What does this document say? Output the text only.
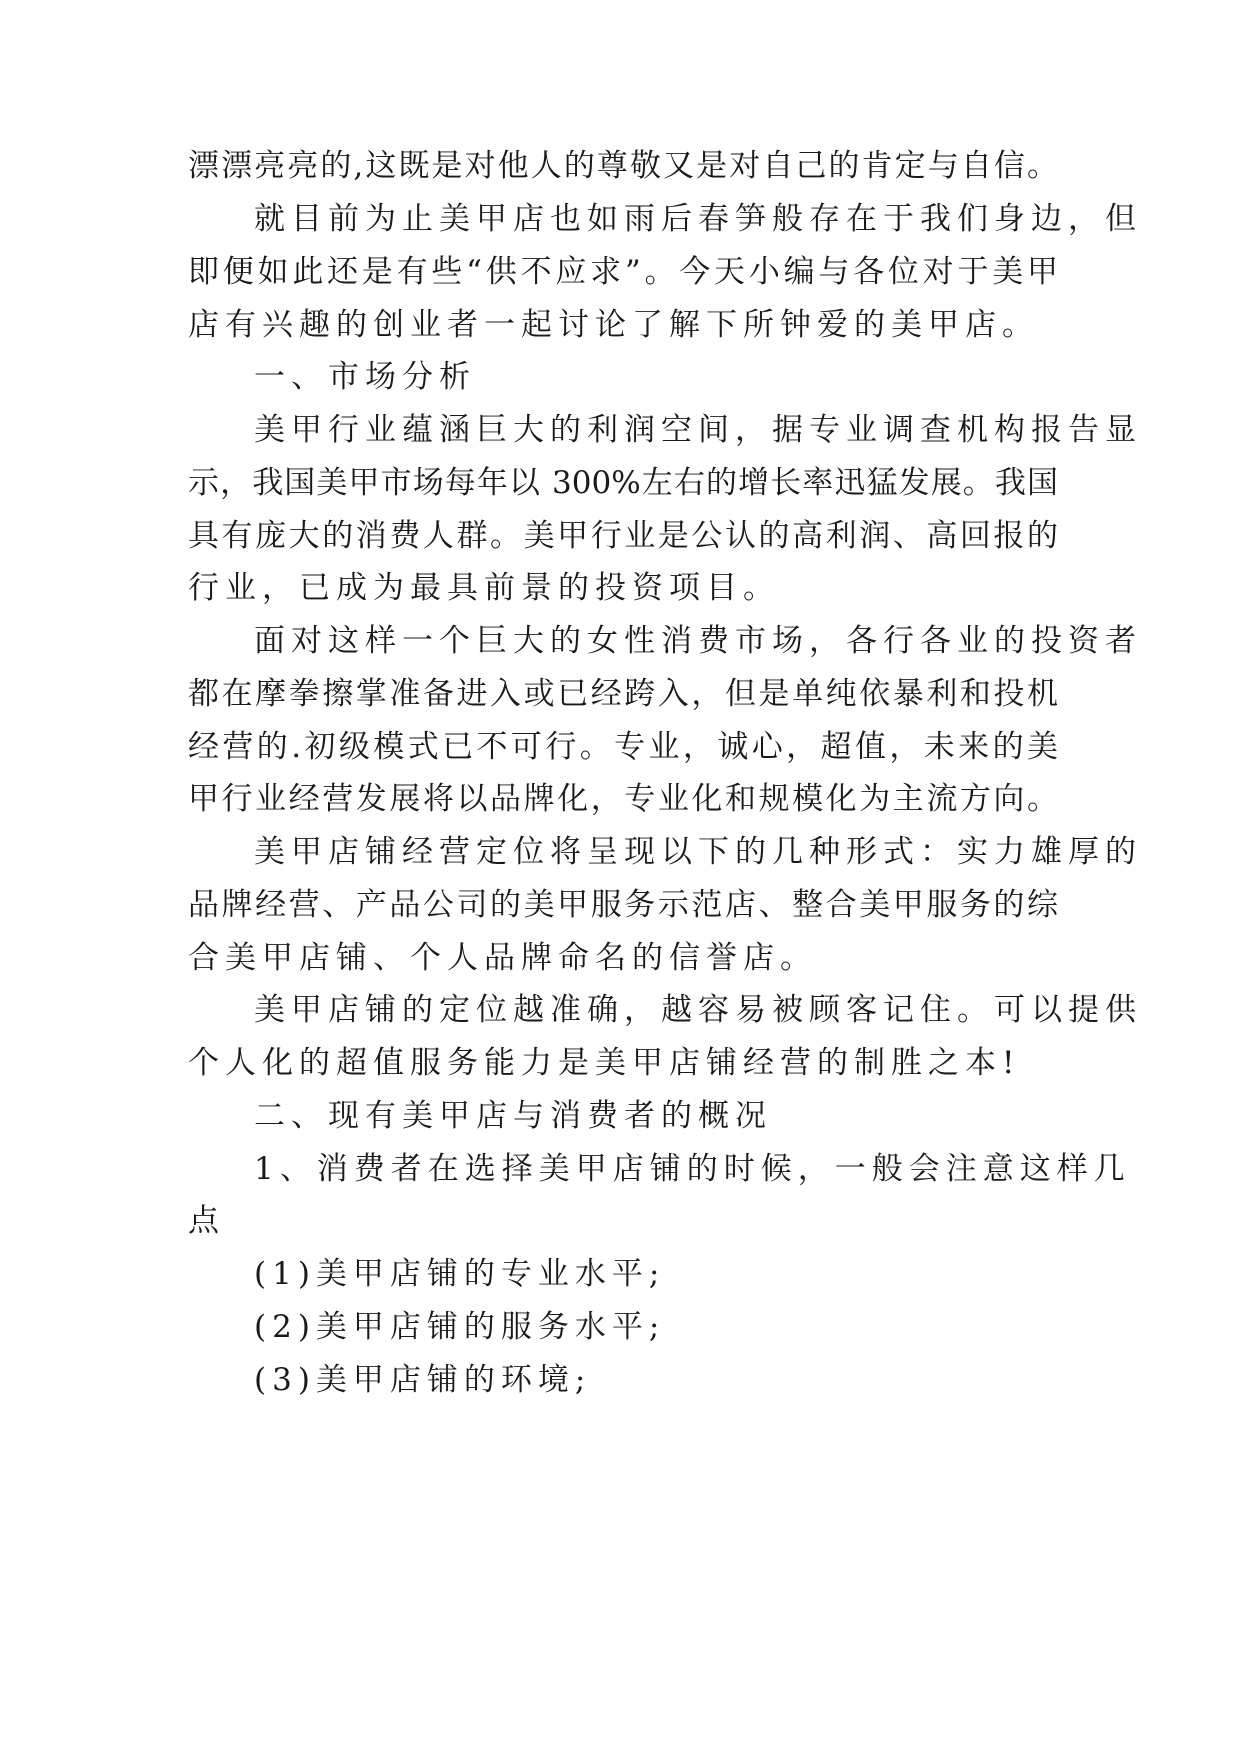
漂漂亮亮的,这既是对他人的尊敬又是对自己的肯定与自信。
就目前为止美甲店也如雨后春笋般存在于我们身边，但
即便如此还是有些“供不应求”。今天小编与各位对于美甲
店有兴趣的创业者一起讨论了解下所钟爱的美甲店。
一、市场分析
美甲行业蕴涵巨大的利润空间，据专业调查机构报告显
示，我国美甲市场每年以 300%左右的增长率迅猛发展。我国
具有庞大的消费人群。美甲行业是公认的高利润、高回报的
行业，已成为最具前景的投资项目。
面对这样一个巨大的女性消费市场，各行各业的投资者
都在摩拳擦掌准备进入或已经跨入，但是单纯依暴利和投机
经营的.初级模式已不可行。专业，诚心，超值，未来的美
甲行业经营发展将以品牌化，专业化和规模化为主流方向。
美甲店铺经营定位将呈现以下的几种形式：实力雄厚的
品牌经营、产品公司的美甲服务示范店、整合美甲服务的综
合美甲店铺、个人品牌命名的信誉店。
美甲店铺的定位越准确，越容易被顾客记住。可以提供
个人化的超值服务能力是美甲店铺经营的制胜之本!
二、现有美甲店与消费者的概况
1、消费者在选择美甲店铺的时候，一般会注意这样几
点
(1)美甲店铺的专业水平;
(2)美甲店铺的服务水平;
(3)美甲店铺的环境;
